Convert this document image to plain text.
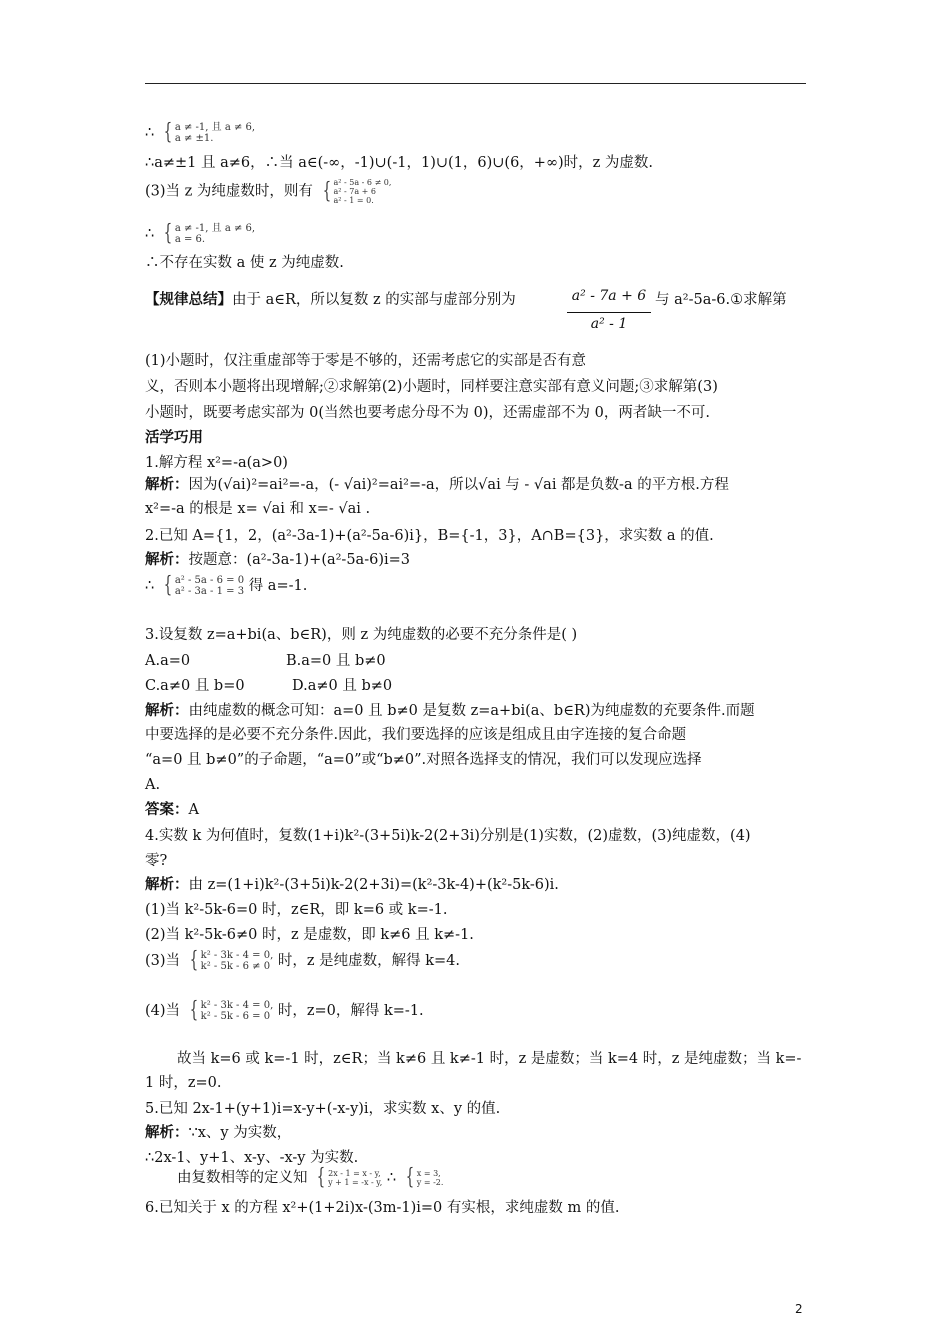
∴ { a ≠ -1, 且 a ≠ 6,
a ≠ ±1.
∴a≠±1 且 a≠6，∴当 a∈(-∞，-1)∪(-1，1)∪(1，6)∪(6，+∞)时，z 为虚数.
(3)当 z 为纯虚数时，则有 { a² - 5a - 6 ≠ 0,
a² - 7a + 6
a² - 1 = 0.
∴ { a ≠ -1, 且 a ≠ 6,
a = 6.
∴不存在实数 a 使 z 为纯虚数.
【规律总结】由于 a∈R，所以复数 z 的实部与虚部分别为	a² - 7a + 6
a² - 1
与 a²-5a-6.①求解第
(1)小题时，仅注重虚部等于零是不够的，还需考虑它的实部是否有意
义，否则本小题将出现增解;②求解第(2)小题时，同样要注意实部有意义问题;③求解第(3)
小题时，既要考虑实部为 0(当然也要考虑分母不为 0)，还需虚部不为 0，两者缺一不可.
活学巧用
1.解方程 x²=-a(a>0)
解析：因为(√ai)²=ai²=-a，(- √ai)²=ai²=-a，所以√ai 与 - √ai 都是负数-a 的平方根.方程
x²=-a 的根是 x= √ai 和 x=- √ai .
2.已知 A={1，2，(a²-3a-1)+(a²-5a-6)i}，B={-1，3}，A∩B={3}，求实数 a 的值.
解析：按题意：(a²-3a-1)+(a²-5a-6)i=3
∴ { a² - 5a - 6 = 0
a² - 3a - 1 = 3 得 a=-1.
3.设复数 z=a+bi(a、b∈R)，则 z 为纯虚数的必要不充分条件是( )
A.a=0	B.a=0 且 b≠0
C.a≠0 且 b=0	D.a≠0 且 b≠0
解析：由纯虚数的概念可知：a=0 且 b≠0 是复数 z=a+bi(a、b∈R)为纯虚数的充要条件.而题
中要选择的是必要不充分条件.因此，我们要选择的应该是组成且由字连接的复合命题
“a=0 且 b≠0”的子命题，“a=0”或“b≠0”.对照各选择支的情况，我们可以发现应选择
A.
答案：A
4.实数 k 为何值时，复数(1+i)k²-(3+5i)k-2(2+3i)分别是(1)实数，(2)虚数，(3)纯虚数，(4)
零?
解析：由 z=(1+i)k²-(3+5i)k-2(2+3i)=(k²-3k-4)+(k²-5k-6)i.
(1)当 k²-5k-6=0 时，z∈R，即 k=6 或 k=-1.
(2)当 k²-5k-6≠0 时，z 是虚数，即 k≠6 且 k≠-1.
(3)当 { k² - 3k - 4 = 0,
k² - 5k - 6 ≠ 0 时，z 是纯虚数，解得 k=4.
(4)当 { k² - 3k - 4 = 0,
k² - 5k - 6 = 0 时，z=0，解得 k=-1.
故当 k=6 或 k=-1 时，z∈R；当 k≠6 且 k≠-1 时，z 是虚数；当 k=4 时，z 是纯虚数；当 k=-
1 时，z=0.
5.已知 2x-1+(y+1)i=x-y+(-x-y)i，求实数 x、y 的值.
解析：∵x、y 为实数，
∴2x-1、y+1、x-y、-x-y 为实数.
由复数相等的定义知 { 2x - 1 = x - y,
y + 1 = -x - y, ∴ { x = 3,
y = -2.
6.已知关于 x 的方程 x²+(1+2i)x-(3m-1)i=0 有实根，求纯虚数 m 的值.
2
